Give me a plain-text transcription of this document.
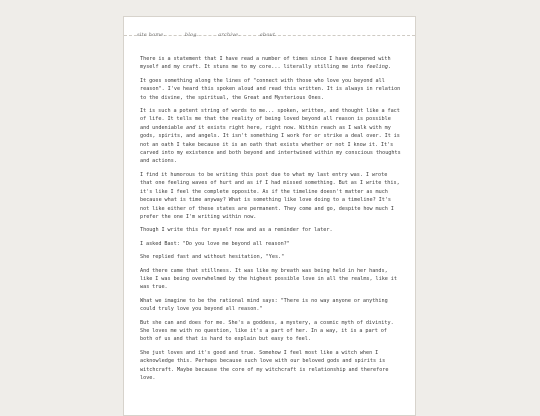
site home.	blog.	archive.	about.

There is a statement that I have read a number of times since I have deepened with myself and my craft. It stuns me to my core... literally stilling me into feeling.

It goes something along the lines of "connect with those who love you beyond all reason". I've heard this spoken aloud and read this written. It is always in relation to the divine, the spiritual, the Great and Mysterious Ones.

It is such a potent string of words to me... spoken, written, and thought like a fact of life. It tells me that the reality of being loved beyond all reason is possible and undeniable and it exists right here, right now. Within reach as I walk with my gods, spirits, and angels. It isn't something I work for or strike a deal over. It is not an oath I take because it is an oath that exists whether or not I know it. It's carved into my existence and both beyond and intertwined within my conscious thoughts and actions.

I find it humorous to be writing this post due to what my last entry was. I wrote that one feeling waves of hurt and as if I had missed something. But as I write this, it's like I feel the complete opposite. As if the timeline doesn't matter as much because what is time anyway? What is something like love doing to a timeline? It's not like either of these states are permanent. They come and go, despite how much I prefer the one I'm writing within now.

Though I write this for myself now and as a reminder for later.

I asked Bast: "Do you love me beyond all reason?"

She replied fast and without hesitation, "Yes."

And there came that stillness. It was like my breath was being held in her hands, like I was being overwhelmed by the highest possible love in all the realms, like it was true.

What we imagine to be the rational mind says: "There is no way anyone or anything could truly love you beyond all reason."

But she can and does for me. She's a goddess, a mystery, a cosmic myth of divinity. She loves me with no question, like it's a part of her. In a way, it is a part of both of us and that is hard to explain but easy to feel.

She just loves and it's good and true. Somehow I feel most like a witch when I acknowledge this. Perhaps because such love with our beloved gods and spirits is witchcraft. Maybe because the core of my witchcraft is relationship and therefore love.
